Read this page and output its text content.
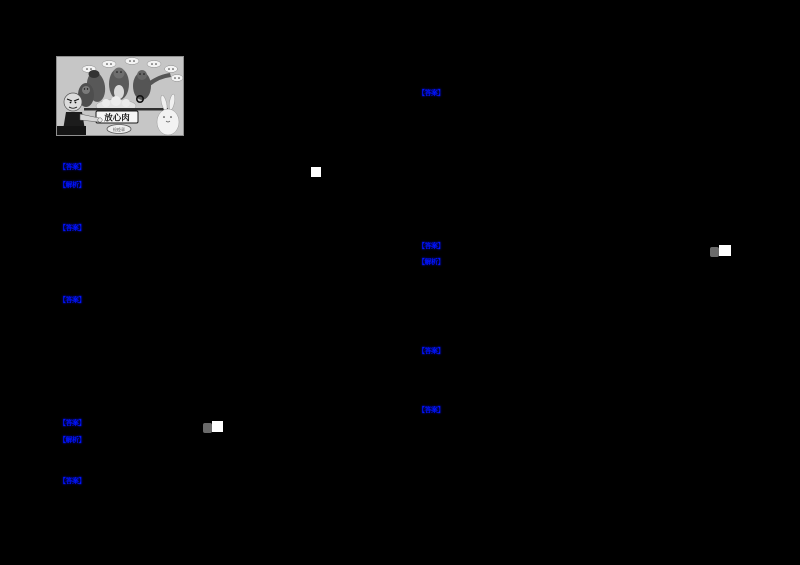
放心肉
检疫章
【答案】
【解析】
【答案】
【答案】
【答案】
【解析】
【答案】
【答案】
【答案】
【解析】
【答案】
【答案】
